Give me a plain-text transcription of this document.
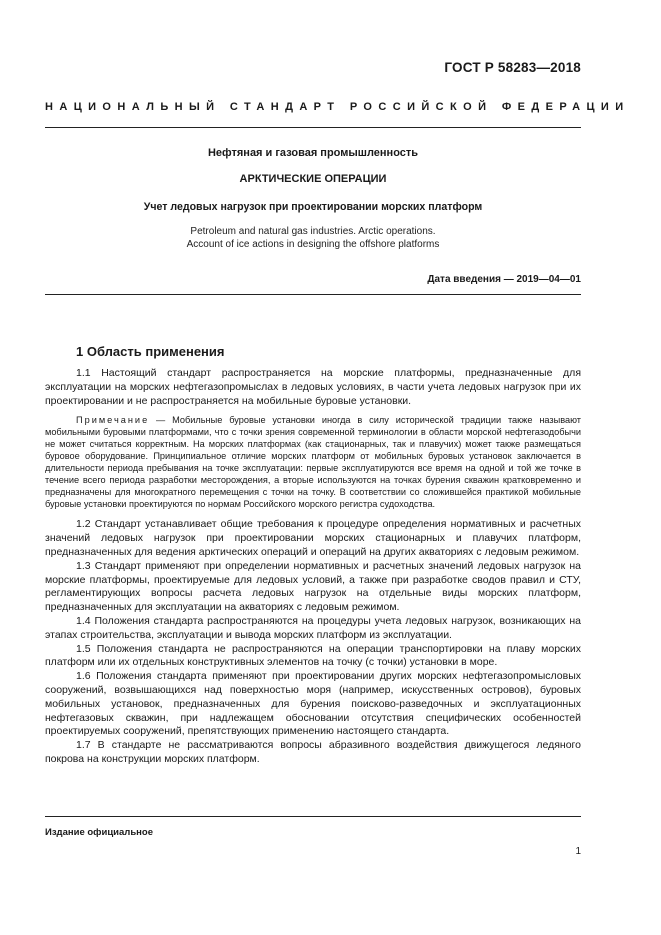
ГОСТ Р 58283—2018
НАЦИОНАЛЬНЫЙ СТАНДАРТ РОССИЙСКОЙ ФЕДЕРАЦИИ
Нефтяная и газовая промышленность
АРКТИЧЕСКИЕ ОПЕРАЦИИ
Учет ледовых нагрузок при проектировании морских платформ
Petroleum and natural gas industries. Arctic operations.
Account of ice actions in designing the offshore platforms
Дата введения — 2019—04—01
1 Область применения

1.1 Настоящий стандарт распространяется на морские платформы, предназначенные для эксплуатации на морских нефтегазопромыслах в ледовых условиях, в части учета ледовых нагрузок при их проектировании и не распространяется на мобильные буровые установки.

Примечание — Мобильные буровые установки иногда в силу исторической традиции также называют мобильными буровыми платформами, что с точки зрения современной терминологии в области морской нефтегазодобычи не может считаться корректным. На морских платформах (как стационарных, так и плавучих) может также размещаться буровое оборудование. Принципиальное отличие морских платформ от мобильных буровых установок заключается в длительности периода пребывания на точке эксплуатации: первые эксплуатируются все время на одной и той же точке в течение всего периода разработки месторождения, а вторые используются на точках бурения скважин кратковременно и предназначены для многократного перемещения с точки на точку. В соответствии со сложившейся практикой мобильные буровые установки проектируются по нормам Российского морского регистра судоходства.

1.2 Стандарт устанавливает общие требования к процедуре определения нормативных и расчетных значений ледовых нагрузок при проектировании морских стационарных и плавучих платформ, предназначенных для ведения арктических операций и операций на других акваториях с ледовым режимом.

1.3 Стандарт применяют при определении нормативных и расчетных значений ледовых нагрузок на морские платформы, проектируемые для ледовых условий, а также при разработке сводов правил и СТУ, регламентирующих вопросы расчета ледовых нагрузок на отдельные виды морских платформ, предназначенных для эксплуатации на акваториях с ледовым режимом.

1.4 Положения стандарта распространяются на процедуры учета ледовых нагрузок, возникающих на этапах строительства, эксплуатации и вывода морских платформ из эксплуатации.

1.5 Положения стандарта не распространяются на операции транспортировки на плаву морских платформ или их отдельных конструктивных элементов на точку (с точки) установки в море.

1.6 Положения стандарта применяют при проектировании других морских нефтегазопромысловых сооружений, возвышающихся над поверхностью моря (например, искусственных островов), буровых мобильных установок, предназначенных для бурения поисково-разведочных и эксплуатационных нефтегазовых скважин, при надлежащем обосновании отсутствия специфических особенностей проектируемых сооружений, препятствующих применению настоящего стандарта.

1.7 В стандарте не рассматриваются вопросы абразивного воздействия движущегося ледяного покрова на конструкции морских платформ.

Издание официальное
1
